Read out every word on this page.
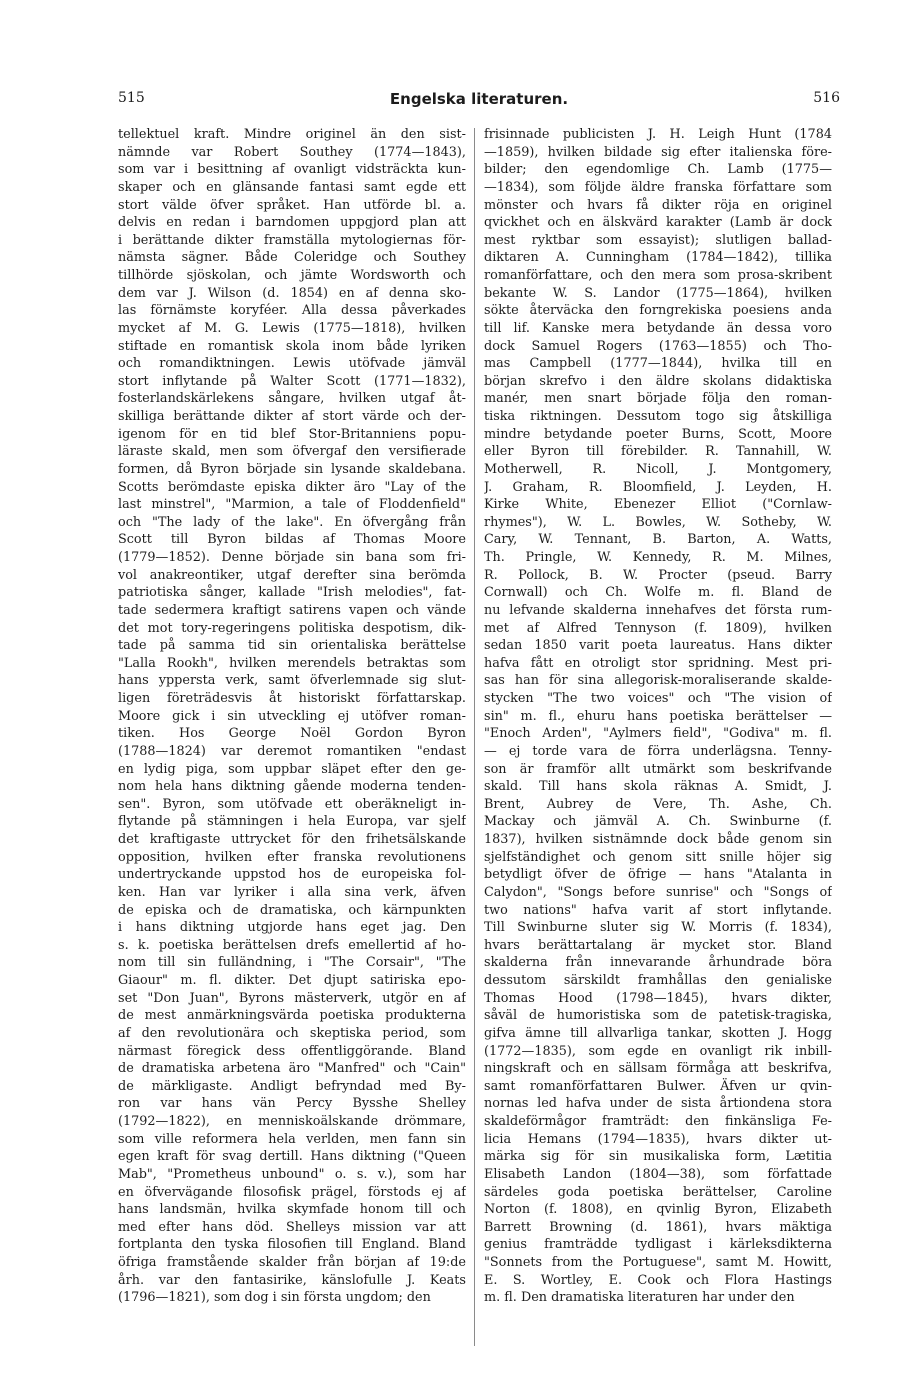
515	Engelska literaturen.	516
tellektuel kraft. Mindre originel än den sist-
nämnde var Robert Southey (1774—1843),
som var i besittning af ovanligt vidsträckta kun-
skaper och en glänsande fantasi samt egde ett
stort välde öfver språket. Han utförde bl. a.
delvis en redan i barndomen uppgjord plan att
i berättande dikter framställa mytologiernas för-
nämsta sägner. Både Coleridge och Southey
tillhörde sjöskolan, och jämte Wordsworth och
dem var J. Wilson (d. 1854) en af denna sko-
las förnämste koryféer. Alla dessa påverkades
mycket af M. G. Lewis (1775—1818), hvilken
stiftade en romantisk skola inom både lyriken
och romandiktningen. Lewis utöfvade jämväl
stort inflytande på Walter Scott (1771—1832),
fosterlandskärlekens sångare, hvilken utgaf åt-
skilliga berättande dikter af stort värde och der-
igenom för en tid blef Stor-Britanniens popu-
läraste skald, men som öfvergaf den versifierade
formen, då Byron började sin lysande skaldebana.
Scotts berömdaste episka dikter äro "Lay of the
last minstrel", "Marmion, a tale of Floddenfield"
och "The lady of the lake". En öfvergång från
Scott till Byron bildas af Thomas Moore
(1779—1852). Denne började sin bana som fri-
vol anakreontiker, utgaf derefter sina berömda
patriotiska sånger, kallade "Irish melodies", fat-
tade sedermera kraftigt satirens vapen och vände
det mot tory-regeringens politiska despotism, dik-
tade på samma tid sin orientaliska berättelse
"Lalla Rookh", hvilken merendels betraktas som
hans yppersta verk, samt öfverlemnade sig slut-
ligen företrädesvis åt historiskt författarskap.
Moore gick i sin utveckling ej utöfver roman-
tiken. Hos George Noël Gordon Byron
(1788—1824) var deremot romantiken "endast
en lydig piga, som uppbar släpet efter den ge-
nom hela hans diktning gående moderna tenden-
sen". Byron, som utöfvade ett oberäkneligt in-
flytande på stämningen i hela Europa, var sjelf
det kraftigaste uttrycket för den frihetsälskande
opposition, hvilken efter franska revolutionens
undertryckande uppstod hos de europeiska fol-
ken. Han var lyriker i alla sina verk, äfven
de episka och de dramatiska, och kärnpunkten
i hans diktning utgjorde hans eget jag. Den
s. k. poetiska berättelsen drefs emellertid af ho-
nom till sin fulländning, i "The Corsair", "The
Giaour" m. fl. dikter. Det djupt satiriska epo-
set "Don Juan", Byrons mästerverk, utgör en af
de mest anmärkningsvärda poetiska produkterna
af den revolutionära och skeptiska period, som
närmast föregick dess offentliggörande. Bland
de dramatiska arbetena äro "Manfred" och "Cain"
de märkligaste. Andligt befryndad med By-
ron var hans vän Percy Bysshe Shelley
(1792—1822), en menniskoälskande drömmare,
som ville reformera hela verlden, men fann sin
egen kraft för svag dertill. Hans diktning ("Queen
Mab", "Prometheus unbound" o. s. v.), som har
en öfvervägande filosofisk prägel, förstods ej af
hans landsmän, hvilka skymfade honom till och
med efter hans död. Shelleys mission var att
fortplanta den tyska filosofien till England. Bland
öfriga framstående skalder från början af 19:de
årh. var den fantasirike, känslofulle J. Keats
(1796—1821), som dog i sin första ungdom; den
frisinnade publicisten J. H. Leigh Hunt (1784
—1859), hvilken bildade sig efter italienska före-
bilder; den egendomlige Ch. Lamb (1775—
—1834), som följde äldre franska författare som
mönster och hvars få dikter röja en originel
qvickhet och en älskvärd karakter (Lamb är dock
mest ryktbar som essayist); slutligen ballad-
diktaren A. Cunningham (1784—1842), tillika
romanförfattare, och den mera som prosa-skribent
bekante W. S. Landor (1775—1864), hvilken
sökte återväcka den forngrekiska poesiens anda
till lif. Kanske mera betydande än dessa voro
dock Samuel Rogers (1763—1855) och Tho-
mas Campbell (1777—1844), hvilka till en
början skrefvo i den äldre skolans didaktiska
manér, men snart började följa den roman-
tiska riktningen. Dessutom togo sig åtskilliga
mindre betydande poeter Burns, Scott, Moore
eller Byron till förebilder. R. Tannahill, W.
Motherwell, R. Nicoll, J. Montgomery,
J. Graham, R. Bloomfield, J. Leyden, H.
Kirke White, Ebenezer Elliot ("Cornlaw-
rhymes"), W. L. Bowles, W. Sotheby, W.
Cary, W. Tennant, B. Barton, A. Watts,
Th. Pringle, W. Kennedy, R. M. Milnes,
R. Pollock, B. W. Procter (pseud. Barry
Cornwall) och Ch. Wolfe m. fl. Bland de
nu lefvande skalderna innehafves det första rum-
met af Alfred Tennyson (f. 1809), hvilken
sedan 1850 varit poeta laureatus. Hans dikter
hafva fått en otroligt stor spridning. Mest pri-
sas han för sina allegorisk-moraliserande skalde-
stycken "The two voices" och "The vision of
sin" m. fl., ehuru hans poetiska berättelser —
"Enoch Arden", "Aylmers field", "Godiva" m. fl.
— ej torde vara de förra underlägsna. Tenny-
son är framför allt utmärkt som beskrifvande
skald. Till hans skola räknas A. Smidt, J.
Brent, Aubrey de Vere, Th. Ashe, Ch.
Mackay och jämväl A. Ch. Swinburne (f.
1837), hvilken sistnämnde dock både genom sin
sjelfständighet och genom sitt snille höjer sig
betydligt öfver de öfrige — hans "Atalanta in
Calydon", "Songs before sunrise" och "Songs of
two nations" hafva varit af stort inflytande.
Till Swinburne sluter sig W. Morris (f. 1834),
hvars berättartalang är mycket stor. Bland
skalderna från innevarande århundrade böra
dessutom särskildt framhållas den genialiske
Thomas Hood (1798—1845), hvars dikter,
såväl de humoristiska som de patetisk-tragiska,
gifva ämne till allvarliga tankar, skotten J. Hogg
(1772—1835), som egde en ovanligt rik inbill-
ningskraft och en sällsam förmåga att beskrifva,
samt romanförfattaren Bulwer. Äfven ur qvin-
nornas led hafva under de sista årtiondena stora
skaldeförmågor framträdt: den finkänsliga Fe-
licia Hemans (1794—1835), hvars dikter ut-
märka sig för sin musikaliska form, Lætitia
Elisabeth Landon (1804—38), som författade
särdeles goda poetiska berättelser, Caroline
Norton (f. 1808), en qvinlig Byron, Elizabeth
Barrett Browning (d. 1861), hvars mäktiga
genius framträdde tydligast i kärleksdikterna
"Sonnets from the Portuguese", samt M. Howitt,
E. S. Wortley, E. Cook och Flora Hastings
m. fl. Den dramatiska literaturen har under den
